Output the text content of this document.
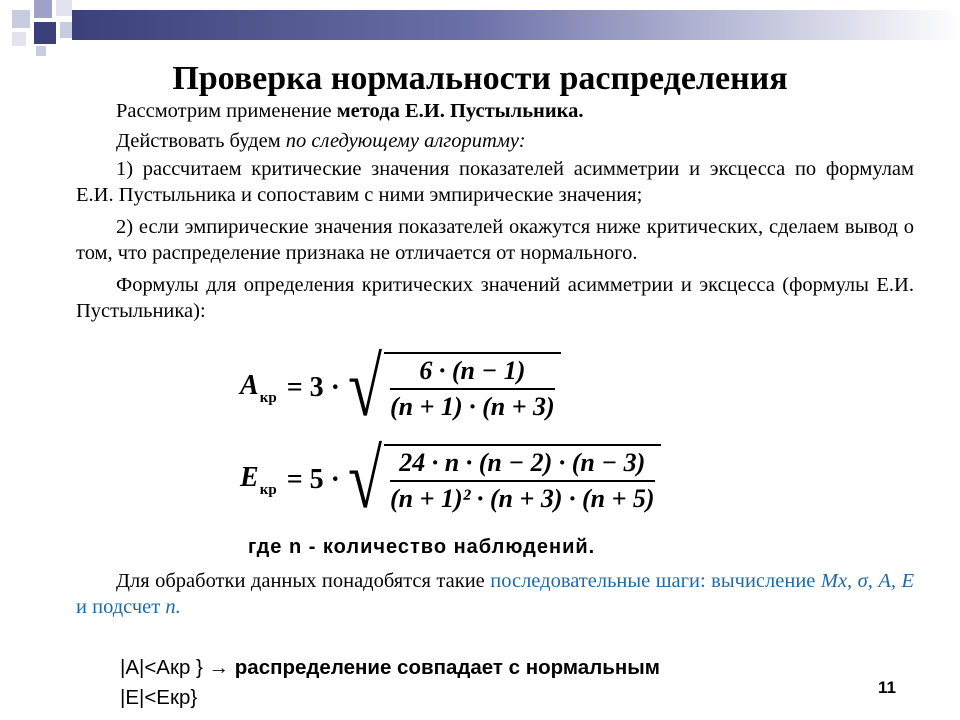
Проверка нормальности распределения

Рассмотрим применение метода Е.И. Пустыльника.

Действовать будем по следующему алгоритму:

1) рассчитаем критические значения показателей асимметрии и эксцесса по формулам Е.И. Пустыльника и сопоставим с ними эмпирические значения;

2) если эмпирические значения показателей окажутся ниже критических, сделаем вывод о том, что распределение признака не отличается от нормального.

Формулы для определения критических значений асимметрии и эксцесса (формулы Е.И. Пустыльника):

$A_{кр} = 3$ · √ $\frac{6 \cdot (n - 1)}{(n + 1) \cdot (n + 3)}$
$E_{кр} = 5$ · √ $\frac{24 \cdot n \cdot (n - 2) \cdot (n - 3)}{\text{(n + 1)² · (n + 3) · (n + 5)}}$
где n - количество наблюдений.

Для обработки данных понадобятся такие последовательные шаги: вычисление Mx, σ, A, E и подсчет n.

|A|<Aкр } → распределение совпадает с нормальным
|E|<Eкр}	11
